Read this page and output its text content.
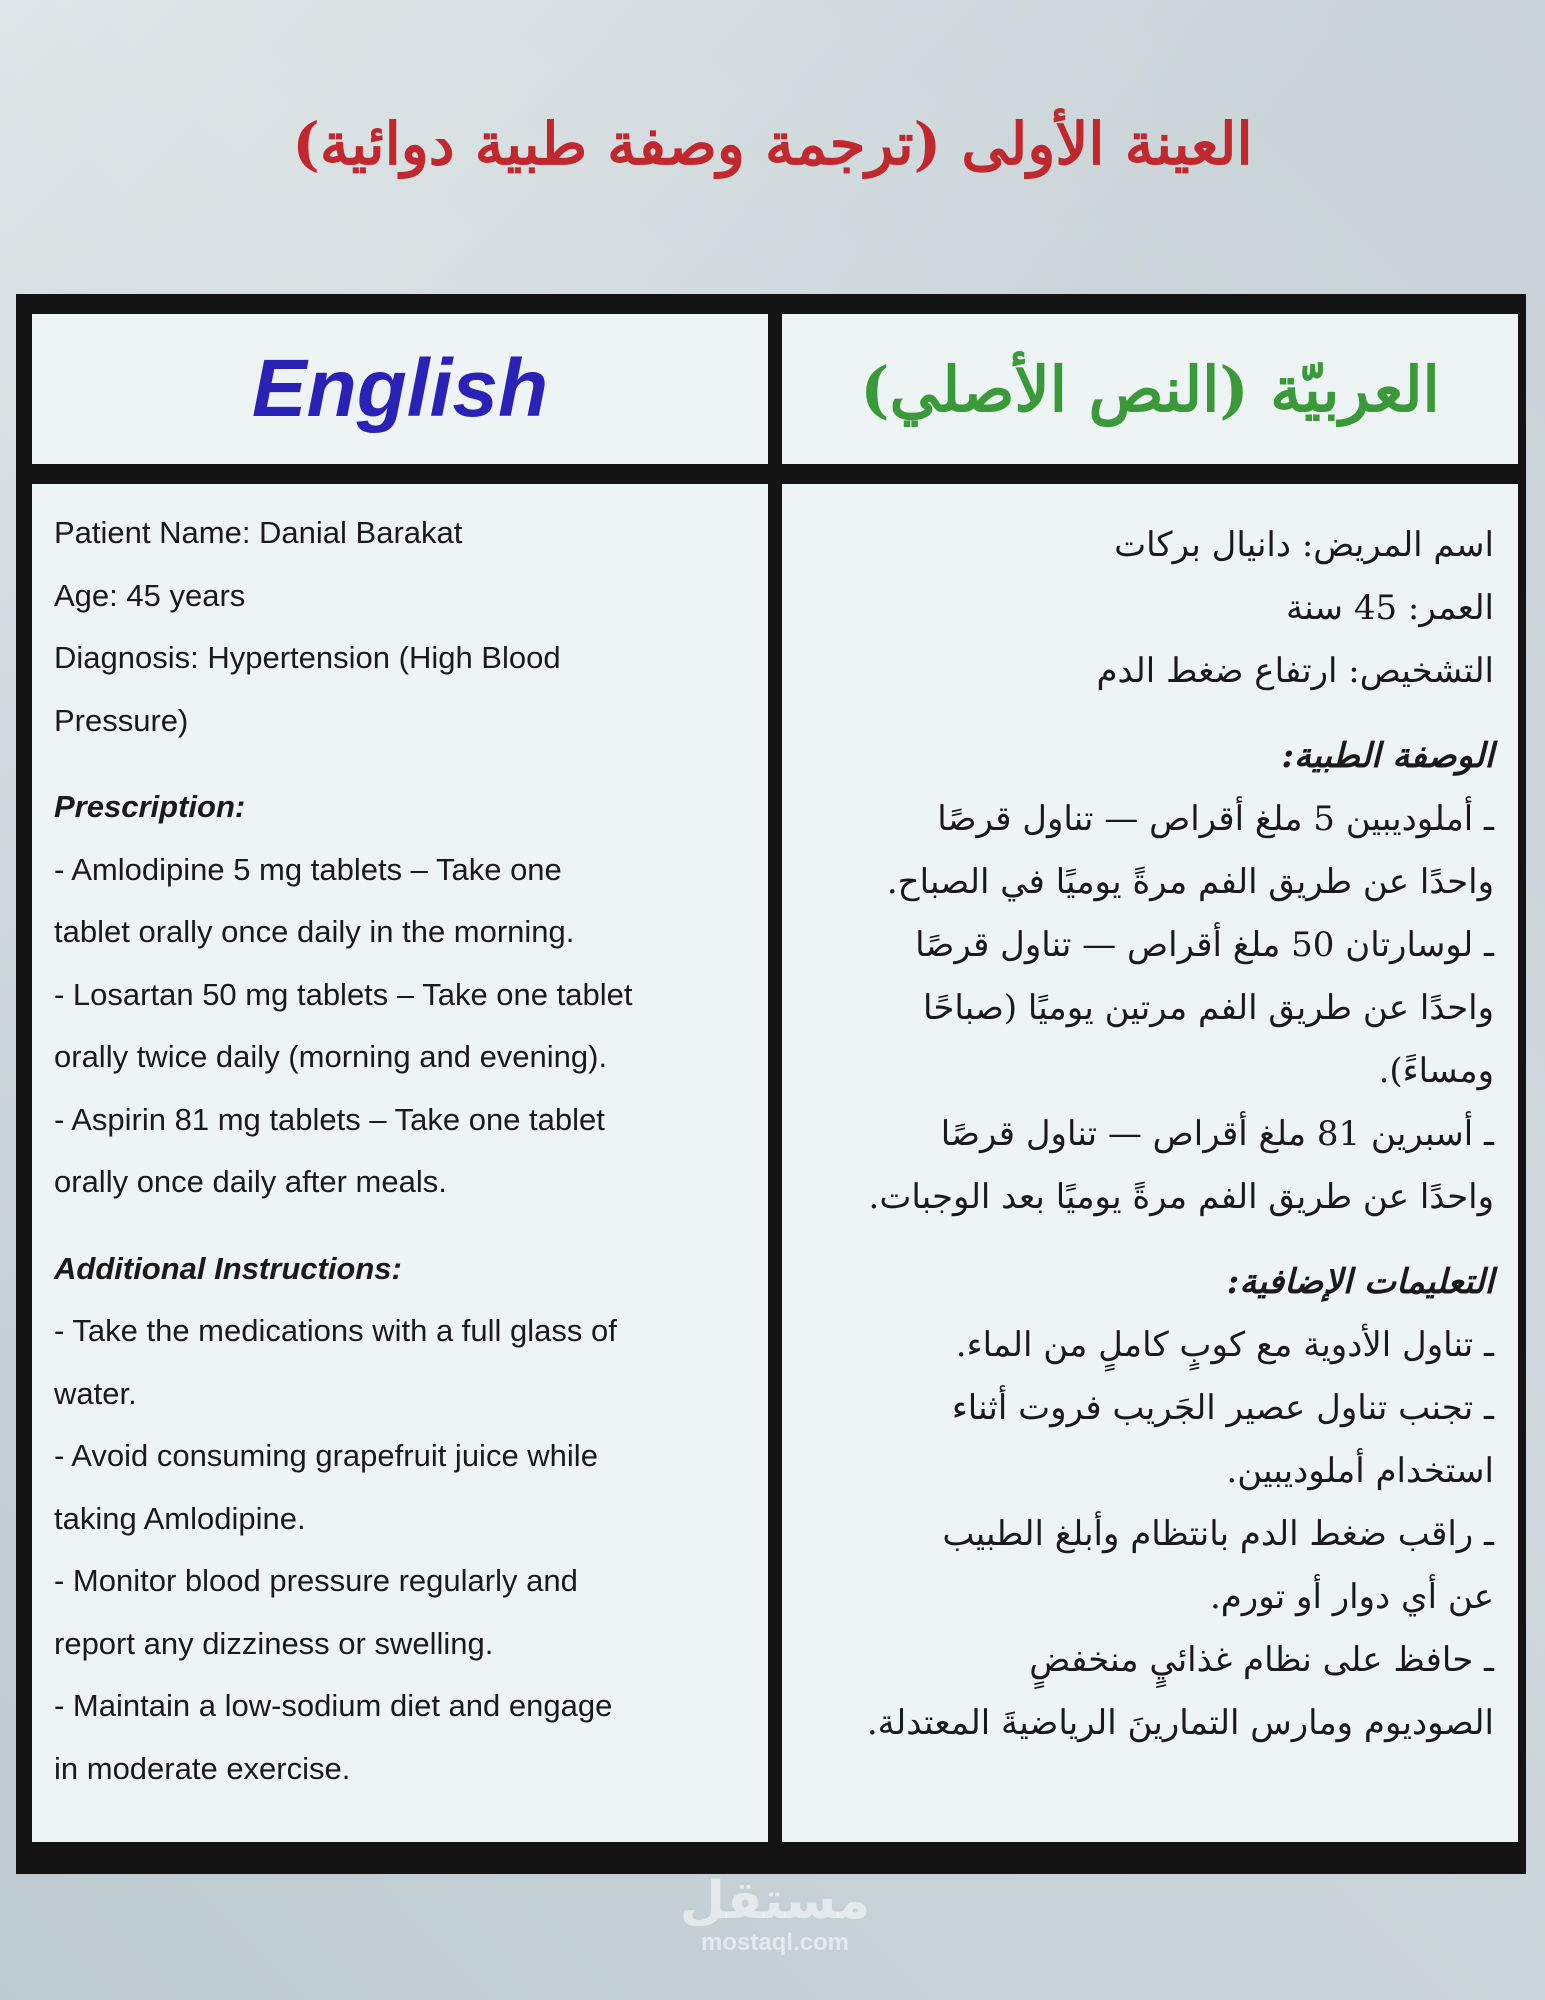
العينة الأولى (ترجمة وصفة طبية دوائية)
English	العربيّة (النص الأصلي)
Patient Name: Danial Barakat
Age: 45 years
Diagnosis: Hypertension (High Blood
Pressure)
Prescription:
- Amlodipine 5 mg tablets – Take one
tablet orally once daily in the morning.
- Losartan 50 mg tablets – Take one tablet
orally twice daily (morning and evening).
- Aspirin 81 mg tablets – Take one tablet
orally once daily after meals.
Additional Instructions:
- Take the medications with a full glass of
water.
- Avoid consuming grapefruit juice while
taking Amlodipine.
- Monitor blood pressure regularly and
report any dizziness or swelling.
- Maintain a low-sodium diet and engage
in moderate exercise.
اسم المريض: دانيال بركات
العمر: 45 سنة
التشخيص: ارتفاع ضغط الدم
الوصفة الطبية:
ـ أملوديبين 5 ملغ أقراص — تناول قرصًا
واحدًا عن طريق الفم مرةً يوميًا في الصباح.
ـ لوسارتان 50 ملغ أقراص — تناول قرصًا
واحدًا عن طريق الفم مرتين يوميًا (صباحًا
ومساءً).
ـ أسبرين 81 ملغ أقراص — تناول قرصًا
واحدًا عن طريق الفم مرةً يوميًا بعد الوجبات.
التعليمات الإضافية:
ـ تناول الأدوية مع كوبٍ كاملٍ من الماء.
ـ تجنب تناول عصير الجَريب فروت أثناء
استخدام أملوديبين.
ـ راقب ضغط الدم بانتظام وأبلغ الطبيب
عن أي دوار أو تورم.
ـ حافظ على نظام غذائيٍ منخفضٍ
الصوديوم ومارس التمارينَ الرياضيةَ المعتدلة.
مستقل
mostaql.com
